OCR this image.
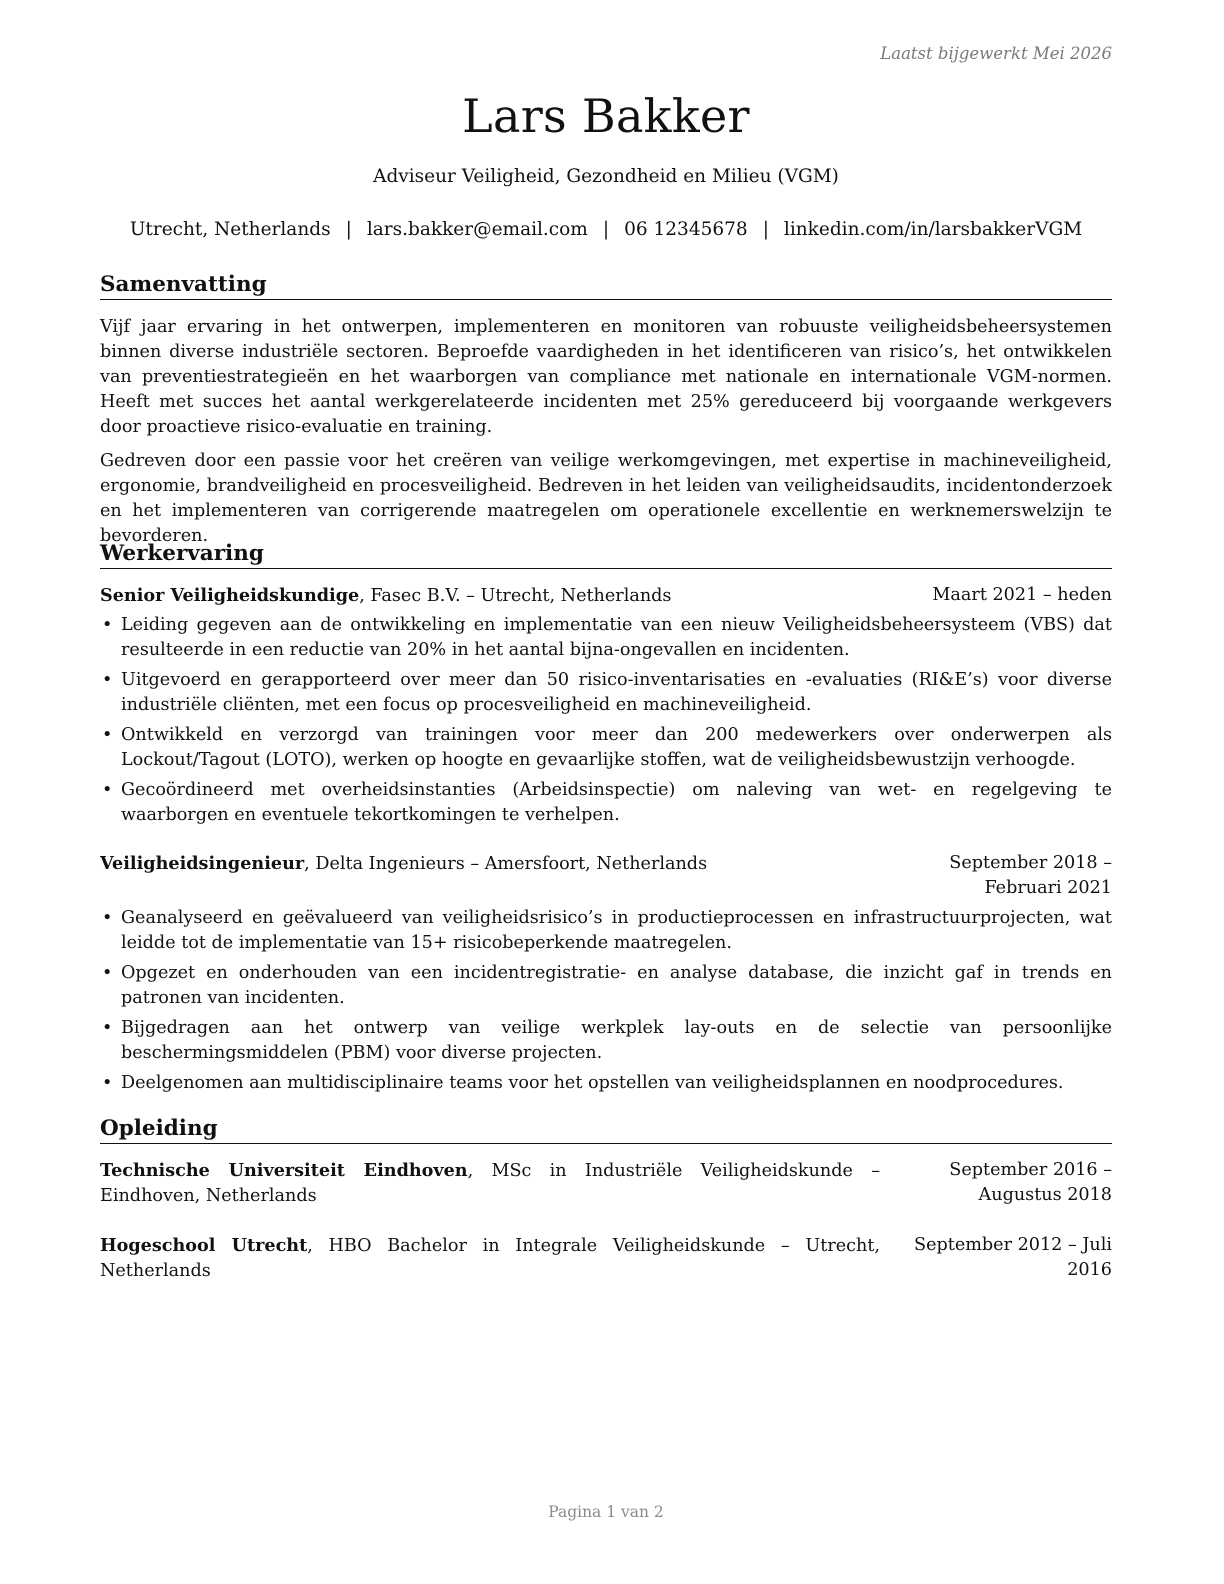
Laatst bijgewerkt Mei 2026
Lars Bakker
Adviseur Veiligheid, Gezondheid en Milieu (VGM)
Utrecht, Netherlands | lars.bakker@email.com | 06 12345678 | linkedin.com/in/larsbakkerVGM
Samenvatting
Vijf jaar ervaring in het ontwerpen, implementeren en monitoren van robuuste veiligheidsbeheersystemen binnen diverse industriële sectoren. Beproefde vaardigheden in het identificeren van risico’s, het ontwikkelen van preventiestrategieën en het waarborgen van compliance met nationale en internationale VGM-normen. Heeft met succes het aantal werkgerelateerde incidenten met 25% gereduceerd bij voorgaande werkgevers door proactieve risico-evaluatie en training.
Gedreven door een passie voor het creëren van veilige werkomgevingen, met expertise in machineveiligheid, ergonomie, brandveiligheid en procesveiligheid. Bedreven in het leiden van veiligheidsaudits, incidentonderzoek en het implementeren van corrigerende maatregelen om operationele excellentie en werknemerswelzijn te bevorderen.
Werkervaring
Senior Veiligheidskundige, Fasec B.V. – Utrecht, Netherlands	Maart 2021 – heden
• Leiding gegeven aan de ontwikkeling en implementatie van een nieuw Veiligheidsbeheersysteem (VBS) dat resulteerde in een reductie van 20% in het aantal bijna-ongevallen en incidenten.
• Uitgevoerd en gerapporteerd over meer dan 50 risico-inventarisaties en -evaluaties (RI&E’s) voor diverse industriële cliënten, met een focus op procesveiligheid en machineveiligheid.
• Ontwikkeld en verzorgd van trainingen voor meer dan 200 medewerkers over onderwerpen als Lockout/Tagout (LOTO), werken op hoogte en gevaarlijke stoffen, wat de veiligheidsbewustzijn verhoogde.
• Gecoördineerd met overheidsinstanties (Arbeidsinspectie) om naleving van wet- en regelgeving te waarborgen en eventuele tekortkomingen te verhelpen.
Veiligheidsingenieur, Delta Ingenieurs – Amersfoort, Netherlands	September 2018 – Februari 2021
• Geanalyseerd en geëvalueerd van veiligheidsrisico’s in productieprocessen en infrastructuurprojecten, wat leidde tot de implementatie van 15+ risicobeperkende maatregelen.
• Opgezet en onderhouden van een incidentregistratie- en analyse database, die inzicht gaf in trends en patronen van incidenten.
• Bijgedragen aan het ontwerp van veilige werkplek lay-outs en de selectie van persoonlijke beschermingsmiddelen (PBM) voor diverse projecten.
• Deelgenomen aan multidisciplinaire teams voor het opstellen van veiligheidsplannen en noodprocedures.
Opleiding
Technische Universiteit Eindhoven, MSc in Industriële Veiligheidskunde – Eindhoven, Netherlands
September 2016 – Augustus 2018
Hogeschool Utrecht, HBO Bachelor in Integrale Veiligheidskunde – Utrecht, Netherlands
September 2012 – Juli 2016
Pagina 1 van 2
